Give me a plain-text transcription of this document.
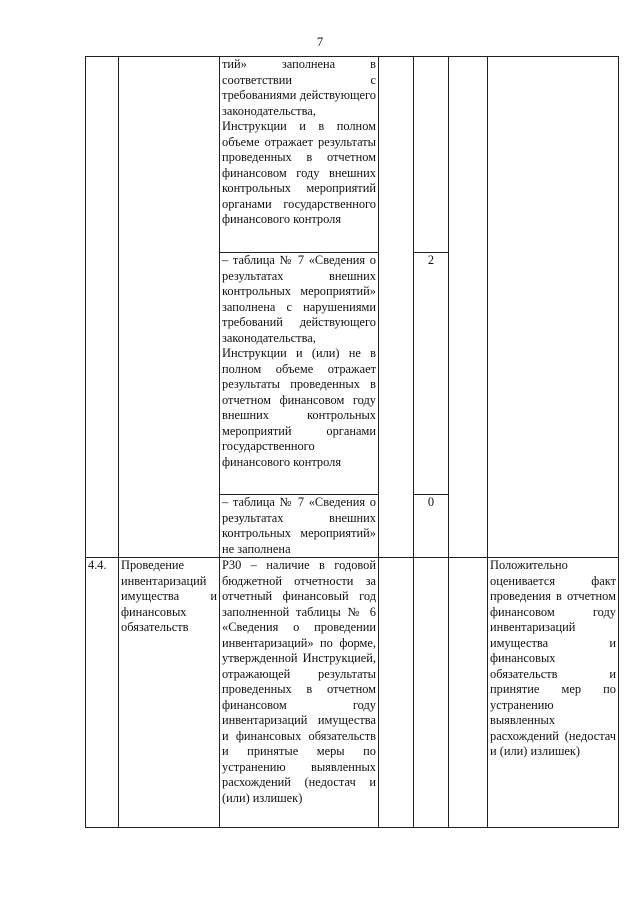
7
		тий» заполнена в соответствии с требованиями действующего законодательства, Инструкции и в полном объеме отражает результаты проведенных в отчетном финансовом году внешних контрольных мероприятий органами государственного финансового контроля				
		– таблица № 7 «Сведения о результатах внешних контрольных мероприятий» заполнена с нарушениями требований действующего законодательства, Инструкции и (или) не в полном объеме отражает результаты проведенных в отчетном финансовом году внешних контрольных мероприятий органами государственного финансового контроля		2		
		– таблица № 7 «Сведения о результатах внешних контрольных мероприятий» не заполнена		0		
4.4.	Проведение инвентаризаций имущества и финансовых обязательств	Р30 – наличие в годовой бюджетной отчетности за отчетный финансовый год заполненной таблицы № 6 «Сведения о проведении инвентаризаций» по форме, утвержденной Инструкцией, отражающей результаты проведенных в отчетном финансовом году инвентаризаций имущества и финансовых обязательств и принятые меры по устранению выявленных расхождений (недостач и (или) излишек)				Положительно оценивается факт проведения в отчетном финансовом году инвентаризаций имущества и финансовых обязательств и принятие мер по устранению выявленных расхождений (недостач и (или) излишек)
